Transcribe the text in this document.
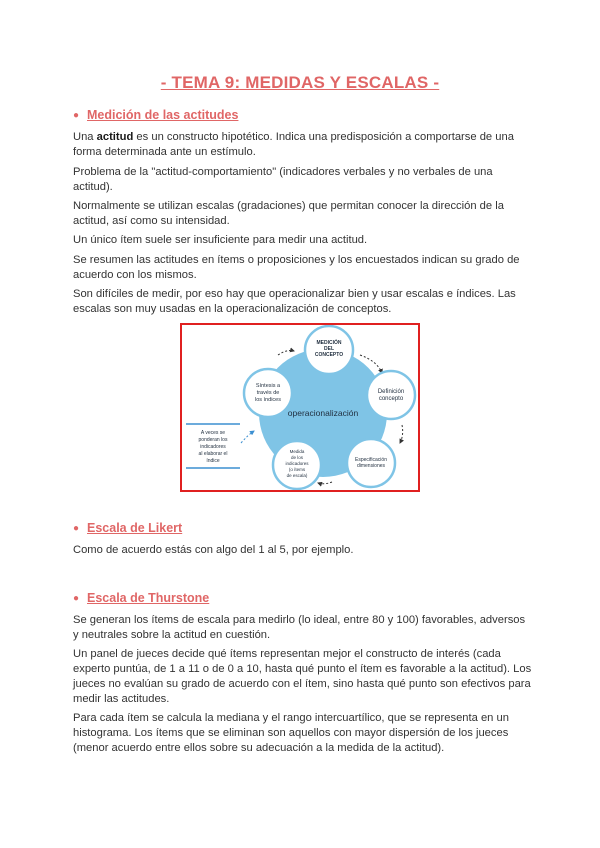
- TEMA 9: MEDIDAS Y ESCALAS -
● Medición de las actitudes

Una actitud es un constructo hipotético. Indica una predisposición a comportarse de una forma determinada ante un estímulo.

Problema de la "actitud-comportamiento" (indicadores verbales y no verbales de una actitud).

Normalmente se utilizan escalas (gradaciones) que permitan conocer la dirección de la actitud, así como su intensidad.

Un único ítem suele ser insuficiente para medir una actitud.

Se resumen las actitudes en ítems o proposiciones y los encuestados indican su grado de acuerdo con los mismos.

Son difíciles de medir, por eso hay que operacionalizar bien y usar escalas e índices. Las escalas son muy usadas en la operacionalización de conceptos.

operacionalización
MEDICIÓN
DEL
CONCEPTO
Definición
concepto
Especificación
dimensiones
Medida
de los
indicadores
(o ítems
de escala)
Síntesis a
través de
los índices
A veces se
ponderan los
indicadores
al elaborar el
índice
● Escala de Likert

Como de acuerdo estás con algo del 1 al 5, por ejemplo.

● Escala de Thurstone

Se generan los ítems de escala para medirlo (lo ideal, entre 80 y 100) favorables, adversos y neutrales sobre la actitud en cuestión.

Un panel de jueces decide qué ítems representan mejor el constructo de interés (cada experto puntúa, de 1 a 11 o de 0 a 10, hasta qué punto el ítem es favorable a la actitud). Los jueces no evalúan su grado de acuerdo con el ítem, sino hasta qué punto son efectivos para medir las actitudes.

Para cada ítem se calcula la mediana y el rango intercuartílico, que se representa en un histograma. Los ítems que se eliminan son aquellos con mayor dispersión de los jueces (menor acuerdo entre ellos sobre su adecuación a la medida de la actitud).
